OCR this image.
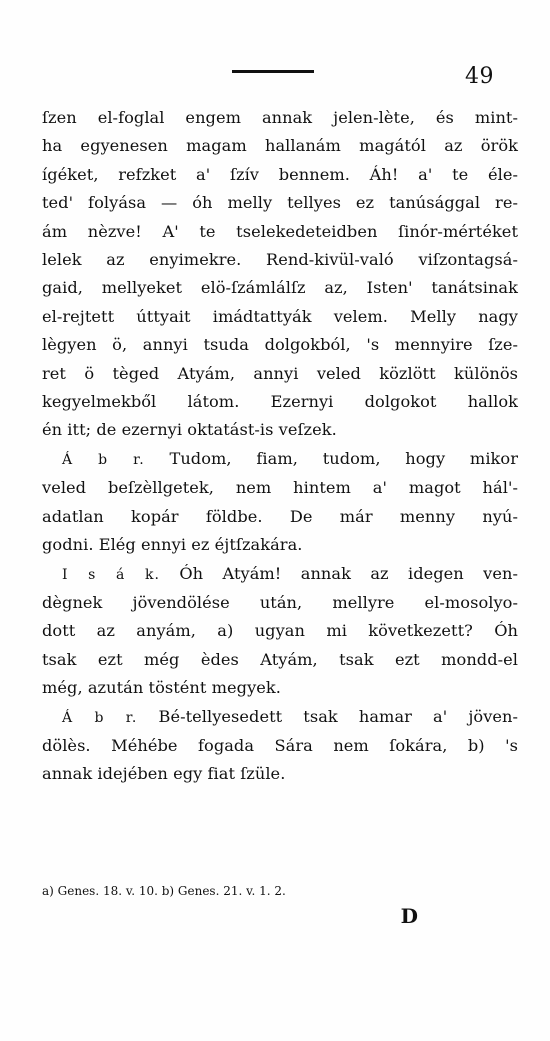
49
ſzen el-foglal engem annak jelen-lète, és mint-
ha egyenesen magam hallanám magától az örök
ígéket, refzket a' ſzív bennem. Áh! a' te éle-
ted' folyása — óh melly tellyes ez tanúsággal re-
ám nèzve! A' te tselekedeteidben ſinór-mértéket
lelek az enyimekre. Rend-kivül-való viſzontagsá-
gaid, mellyeket elö-ſzámlálſz az, Isten' tanátsinak
el-rejtett úttyait imádtattyák velem. Melly nagy
lègyen ö, annyi tsuda dolgokból, 's mennyire ſze-
ret ö tèged Atyám, annyi veled közlött különös
kegyelmekből látom. Ezernyi dolgokot hallok
én itt; de ezernyi oktatást-is veſzek.
Á b r. Tudom, fiam, tudom, hogy mikor
veled beſzèllgetek, nem hintem a' magot hál'-
adatlan kopár földbe. De már menny nyú-
godni. Elég ennyi ez éjtſzakára.
I s á k. Óh Atyám! annak az idegen ven-
dègnek jövendölése után, mellyre el-mosolyo-
dott az anyám, a) ugyan mi következett? Óh
tsak ezt még èdes Atyám, tsak ezt mondd-el
még, azután töstént megyek.
Á b r. Bé-tellyesedett tsak hamar a' jöven-
dölès. Méhébe fogada Sára nem ſokára, b) 's
annak idejében egy fiat ſzüle.
a) Genes. 18. v. 10. b) Genes. 21. v. 1. 2.
D
